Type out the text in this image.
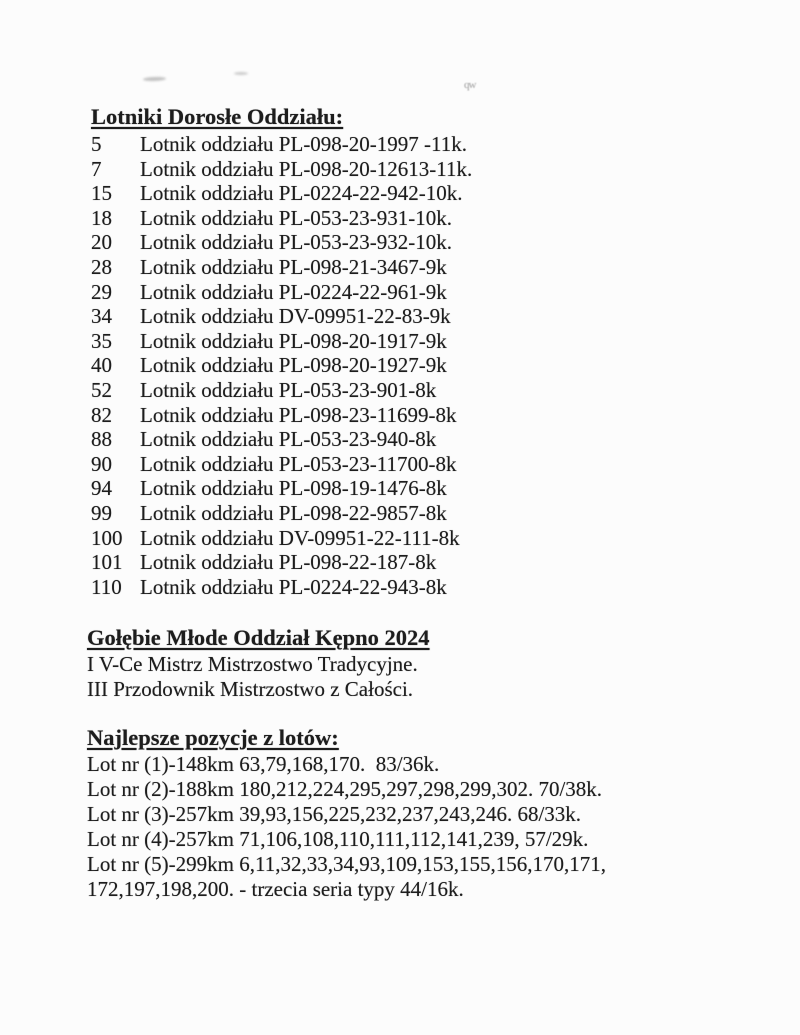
qw
Lotniki Dorosłe Oddziału:
5	Lotnik oddziału PL-098-20-1997 -11k.
7	Lotnik oddziału PL-098-20-12613-11k.
15	Lotnik oddziału PL-0224-22-942-10k.
18	Lotnik oddziału PL-053-23-931-10k.
20	Lotnik oddziału PL-053-23-932-10k.
28	Lotnik oddziału PL-098-21-3467-9k
29	Lotnik oddziału PL-0224-22-961-9k
34	Lotnik oddziału DV-09951-22-83-9k
35	Lotnik oddziału PL-098-20-1917-9k
40	Lotnik oddziału PL-098-20-1927-9k
52	Lotnik oddziału PL-053-23-901-8k
82	Lotnik oddziału PL-098-23-11699-8k
88	Lotnik oddziału PL-053-23-940-8k
90	Lotnik oddziału PL-053-23-11700-8k
94	Lotnik oddziału PL-098-19-1476-8k
99	Lotnik oddziału PL-098-22-9857-8k
100 Lotnik oddziału DV-09951-22-111-8k
101 Lotnik oddziału PL-098-22-187-8k
110 Lotnik oddziału PL-0224-22-943-8k
Gołębie Młode Oddział Kępno 2024
I V-Ce Mistrz Mistrzostwo Tradycyjne.
III Przodownik Mistrzostwo z Całości.
Najlepsze pozycje z lotów:
Lot nr (1)-148km 63,79,168,170.  83/36k.
Lot nr (2)-188km 180,212,224,295,297,298,299,302. 70/38k.
Lot nr (3)-257km 39,93,156,225,232,237,243,246. 68/33k.
Lot nr (4)-257km 71,106,108,110,111,112,141,239, 57/29k.
Lot nr (5)-299km 6,11,32,33,34,93,109,153,155,156,170,171,
172,197,198,200. - trzecia seria typy 44/16k.
